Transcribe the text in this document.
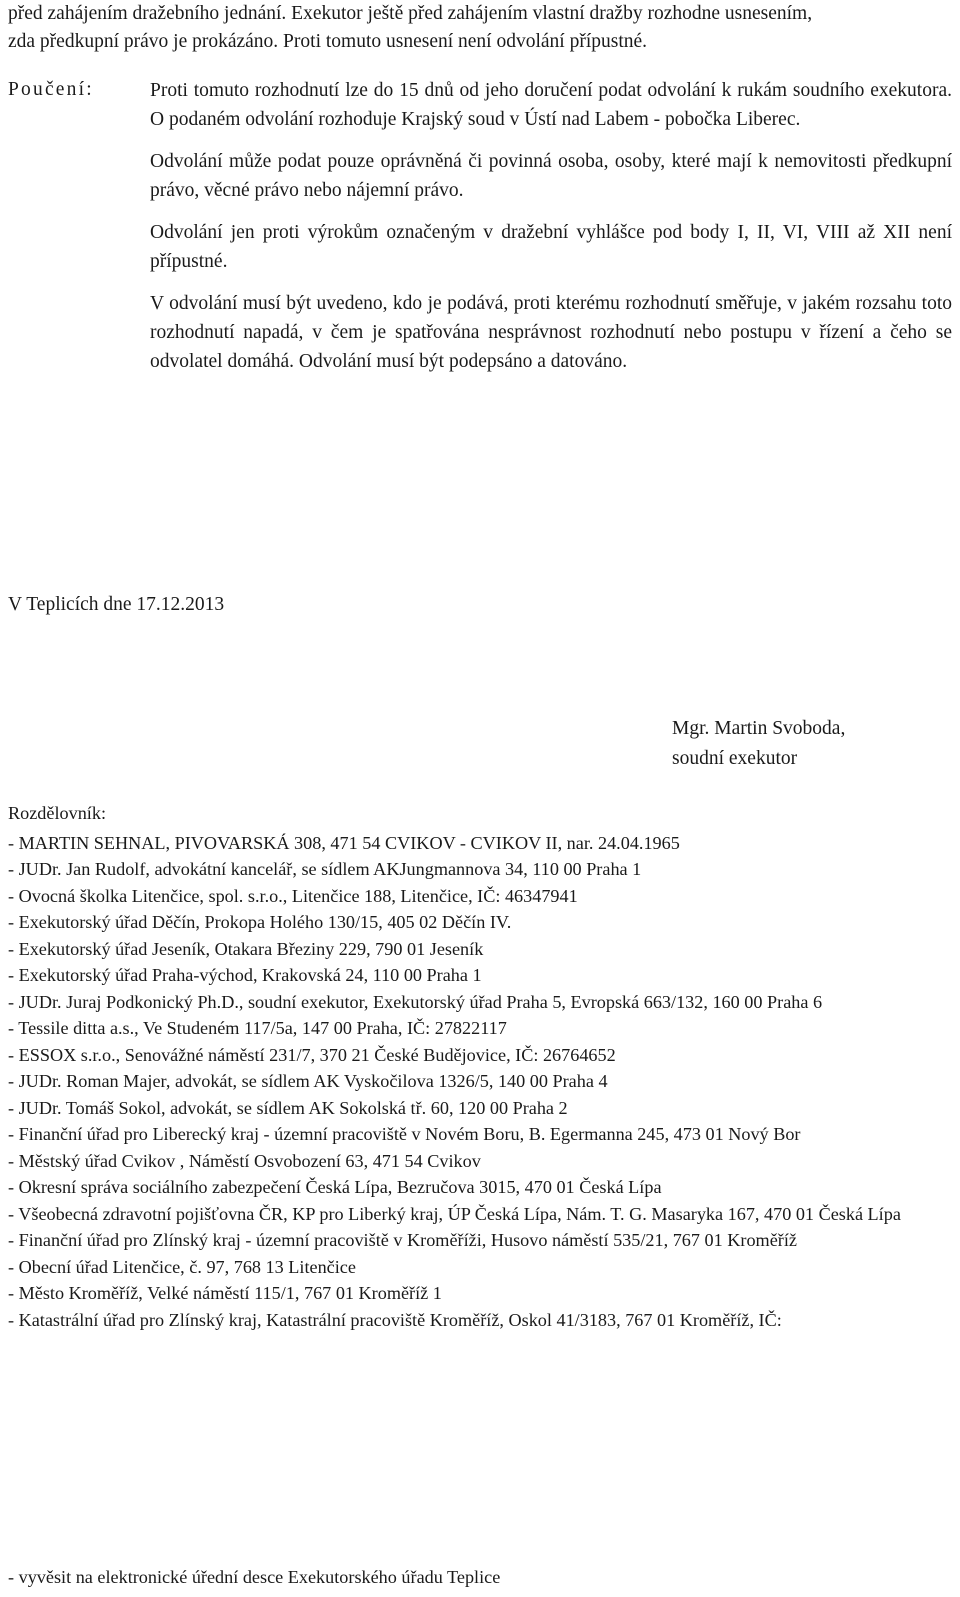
před zahájením dražebního jednání. Exekutor ještě před zahájením vlastní dražby rozhodne usnesením,

zda předkupní právo je prokázáno. Proti tomuto usnesení není odvolání přípustné.

Poučení:	Proti tomuto rozhodnutí lze do 15 dnů od jeho doručení podat odvolání k rukám soudního exekutora. O podaném odvolání rozhoduje Krajský soud v Ústí nad Labem - pobočka Liberec.

Odvolání může podat pouze oprávněná či povinná osoba, osoby, které mají k nemovitosti předkupní právo, věcné právo nebo nájemní právo.

Odvolání jen proti výrokům označeným v dražební vyhlášce pod body I, II, VI, VIII až XII není přípustné.

V odvolání musí být uvedeno, kdo je podává, proti kterému rozhodnutí směřuje, v jakém rozsahu toto rozhodnutí napadá, v čem je spatřována nesprávnost rozhodnutí nebo postupu v řízení a čeho se odvolatel domáhá. Odvolání musí být podepsáno a datováno.

V Teplicích dne 17.12.2013
Mgr. Martin Svoboda,
soudní exekutor
Rozdělovník:
- MARTIN SEHNAL, PIVOVARSKÁ 308, 471 54 CVIKOV - CVIKOV II, nar. 24.04.1965
- JUDr. Jan Rudolf, advokátní kancelář, se sídlem AKJungmannova 34, 110 00 Praha 1
- Ovocná školka Litenčice, spol. s.r.o., Litenčice 188, Litenčice, IČ: 46347941
- Exekutorský úřad Děčín, Prokopa Holého 130/15, 405 02 Děčín IV.
- Exekutorský úřad Jeseník, Otakara Březiny 229, 790 01 Jeseník
- Exekutorský úřad Praha-východ, Krakovská 24, 110 00 Praha 1
- JUDr. Juraj Podkonický Ph.D., soudní exekutor, Exekutorský úřad Praha 5, Evropská 663/132, 160 00 Praha 6
- Tessile ditta a.s., Ve Studeném 117/5a, 147 00 Praha, IČ: 27822117
- ESSOX s.r.o., Senovážné náměstí 231/7, 370 21 České Budějovice, IČ: 26764652
- JUDr. Roman Majer, advokát, se sídlem AK Vyskočilova 1326/5, 140 00 Praha 4
- JUDr. Tomáš Sokol, advokát, se sídlem AK Sokolská tř. 60, 120 00 Praha 2
- Finanční úřad pro Liberecký kraj - územní pracoviště v Novém Boru, B. Egermanna 245, 473 01 Nový Bor
- Městský úřad Cvikov , Náměstí Osvobození 63, 471 54 Cvikov
- Okresní správa sociálního zabezpečení Česká Lípa, Bezručova 3015, 470 01 Česká Lípa
- Všeobecná zdravotní pojišťovna ČR, KP pro Liberký kraj, ÚP Česká Lípa, Nám. T. G. Masaryka 167, 470 01 Česká Lípa
- Finanční úřad pro Zlínský kraj - územní pracoviště v Kroměříži, Husovo náměstí 535/21, 767 01 Kroměříž
- Obecní úřad Litenčice, č. 97, 768 13 Litenčice
- Město Kroměříž, Velké náměstí 115/1, 767 01 Kroměříž 1
- Katastrální úřad pro Zlínský kraj, Katastrální pracoviště Kroměříž, Oskol 41/3183, 767 01 Kroměříž, IČ:
- vyvěsit na elektronické úřední desce Exekutorského úřadu Teplice
